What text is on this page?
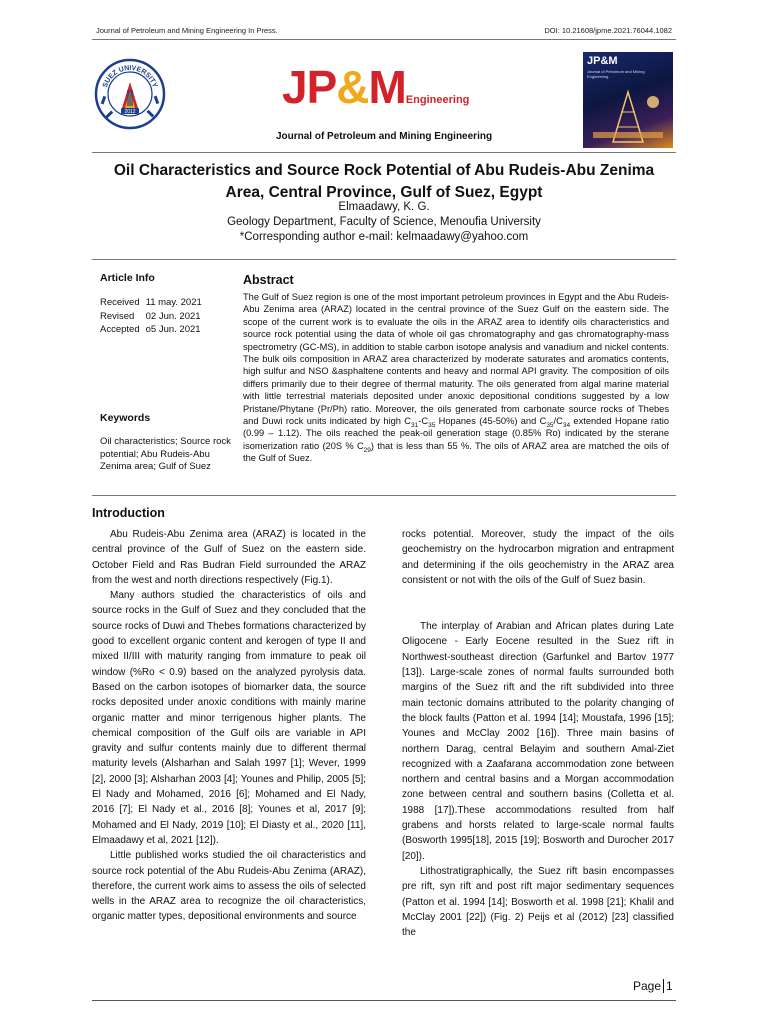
Journal of Petroleum and Mining Engineering In Press.	DOI: 10.21608/jpme.2021.76044.1082
SUEZ UNIVERSITY
2012	JP&MEngineering
Journal of Petroleum and Mining Engineering
JP&M
Journal of Petroleum and Mining Engineering
Oil Characteristics and Source Rock Potential of Abu Rudeis-Abu Zenima
Area, Central Province, Gulf of Suez, Egypt
Elmaadawy, K. G.
Geology Department, Faculty of Science, Menoufia University
*Corresponding author e-mail: kelmaadawy@yahoo.com
Article Info
Received	11 may. 2021
Revised	02 Jun. 2021
Accepted	o5 Jun. 2021
Keywords
Oil characteristics; Source rock potential; Abu Rudeis-Abu Zenima area; Gulf of Suez
Abstract
The Gulf of Suez region is one of the most important petroleum provinces in Egypt and the Abu Rudeis-Abu Zenima area (ARAZ) located in the central province of the Suez Gulf on the eastern side. The scope of the current work is to evaluate the oils in the ARAZ area to identify oils characteristics and source rock potential using the data of whole oil gas chromatography and gas chromatography-mass spectrometry (GC-MS), in addition to stable carbon isotope analysis and vanadium and nickel contents. The bulk oils composition in ARAZ area characterized by moderate saturates and aromatics contents, high sulfur and NSO &asphaltene contents and heavy and normal API gravity. The composition of oils differs primarily due to their degree of thermal maturity. The oils generated from algal marine material with little terrestrial materials deposited under anoxic depositional conditions suggested by a low Pristane/Phytane (Pr/Ph) ratio. Moreover, the oils generated from carbonate source rocks of Thebes and Duwi rock units indicated by high $C_{31}-C_{35}$ Hopanes (45-50%) and $C_{35}/C_{34}$ extended Hopane ratio (0.99 – 1.12). The oils reached the peak-oil generation stage (0.85% Ro) indicated by the sterane isomerization ratio (20S % $C_{29}$) that is less than 55 %. The oils of ARAZ area are matched the oils of the Gulf of Suez.
Introduction

Abu Rudeis-Abu Zenima area (ARAZ) is located in the central province of the Gulf of Suez on the eastern side. October Field and Ras Budran Field surrounded the ARAZ from the west and north directions respectively (Fig.1).

Many authors studied the characteristics of oils and source rocks in the Gulf of Suez and they concluded that the source rocks of Duwi and Thebes formations characterized by good to excellent organic content and kerogen of type II and mixed II/III with maturity ranging from immature to peak oil window (%Ro < 0.9) based on the analyzed pyrolysis data. Based on the carbon isotopes of biomarker data, the source rocks deposited under anoxic conditions with mainly marine organic matter and minor terrigenous higher plants. The chemical composition of the Gulf oils are variable in API gravity and sulfur contents mainly due to different thermal maturity levels (Alsharhan and Salah 1997 [1]; Wever, 1999 [2], 2000 [3]; Alsharhan 2003 [4]; Younes and Philip, 2005 [5]; El Nady and Mohamed, 2016 [6]; Mohamed and El Nady, 2016 [7]; El Nady et al., 2016 [8]; Younes et al, 2017 [9]; Mohamed and El Nady, 2019 [10]; El Diasty et al., 2020 [11], Elmaadawy et al, 2021 [12]).

Little published works studied the oil characteristics and source rock potential of the Abu Rudeis-Abu Zenima (ARAZ), therefore, the current work aims to assess the oils of selected wells in the ARAZ area to recognize the oil characteristics, organic matter types, depositional environments and source

rocks potential. Moreover, study the impact of the oils geochemistry on the hydrocarbon migration and entrapment and determining if the oils geochemistry in the ARAZ area consistent or not with the oils of the Gulf of Suez basin.

The interplay of Arabian and African plates during Late Oligocene - Early Eocene resulted in the Suez rift in Northwest-southeast direction (Garfunkel and Bartov 1977 [13]). Large-scale zones of normal faults surrounded both margins of the Suez rift and the rift subdivided into three main tectonic domains attributed to the polarity changing of the block faults (Patton et al. 1994 [14]; Moustafa, 1996 [15]; Younes and McClay 2002 [16]). Three main basins of northern Darag, central Belayim and southern Amal-Ziet recognized with a Zaafarana accommodation zone between northern and central basins and a Morgan accommodation zone between central and southern basins (Colletta et al. 1988 [17]).These accommodations resulted from half grabens and horsts related to large-scale normal faults (Bosworth 1995[18], 2015 [19]; Bosworth and Durocher 2017 [20]).

Lithostratigraphically, the Suez rift basin encompasses pre rift, syn rift and post rift major sedimentary sequences (Patton et al. 1994 [14]; Bosworth et al. 1998 [21]; Khalil and McClay 2001 [22]) (Fig. 2) Peijs et al (2012) [23] classified the

Page 1
